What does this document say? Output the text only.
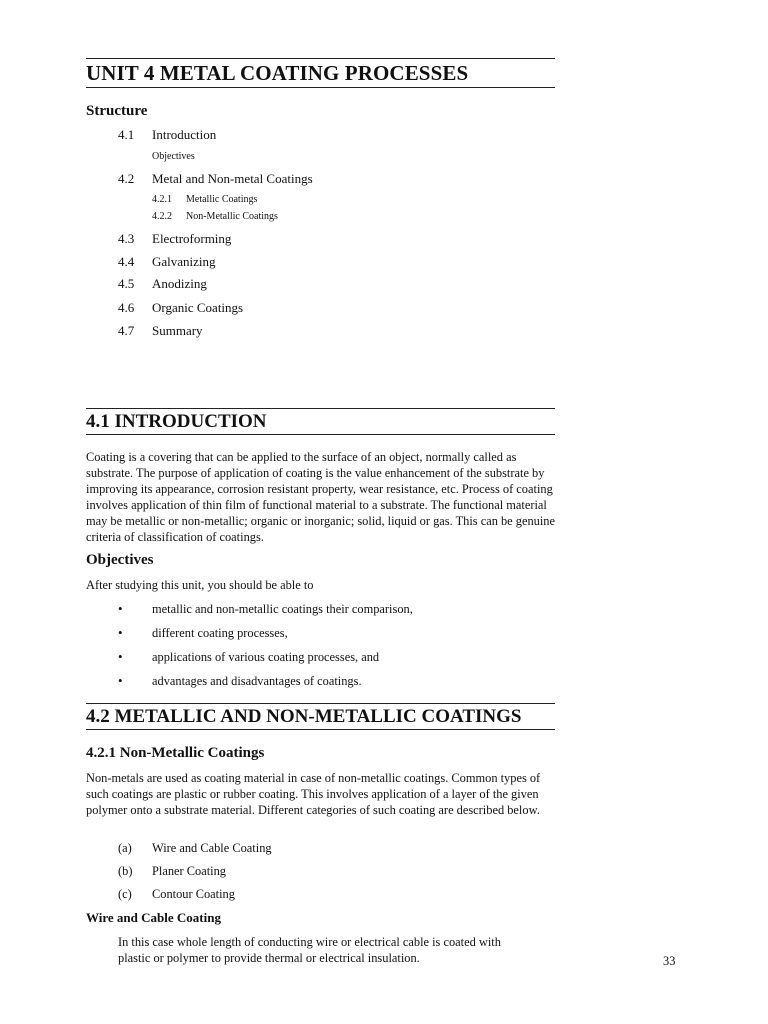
UNIT 4 METAL COATING PROCESSES
Structure
4.1 Introduction
Objectives
4.2 Metal and Non-metal Coatings
4.2.1 Metallic Coatings
4.2.2 Non-Metallic Coatings
4.3 Electroforming
4.4 Galvanizing
4.5 Anodizing
4.6 Organic Coatings
4.7 Summary
4.1 INTRODUCTION
Coating is a covering that can be applied to the surface of an object, normally called as substrate. The purpose of application of coating is the value enhancement of the substrate by improving its appearance, corrosion resistant property, wear resistance, etc. Process of coating involves application of thin film of functional material to a substrate. The functional material may be metallic or non-metallic; organic or inorganic; solid, liquid or gas. This can be genuine criteria of classification of coatings.
Objectives
After studying this unit, you should be able to
• metallic and non-metallic coatings their comparison,
• different coating processes,
• applications of various coating processes, and
• advantages and disadvantages of coatings.
4.2 METALLIC AND NON-METALLIC COATINGS
4.2.1 Non-Metallic Coatings
Non-metals are used as coating material in case of non-metallic coatings. Common types of such coatings are plastic or rubber coating. This involves application of a layer of the given polymer onto a substrate material. Different categories of such coating are described below.
(a) Wire and Cable Coating
(b) Planer Coating
(c) Contour Coating
Wire and Cable Coating
In this case whole length of conducting wire or electrical cable is coated with plastic or polymer to provide thermal or electrical insulation.	33
